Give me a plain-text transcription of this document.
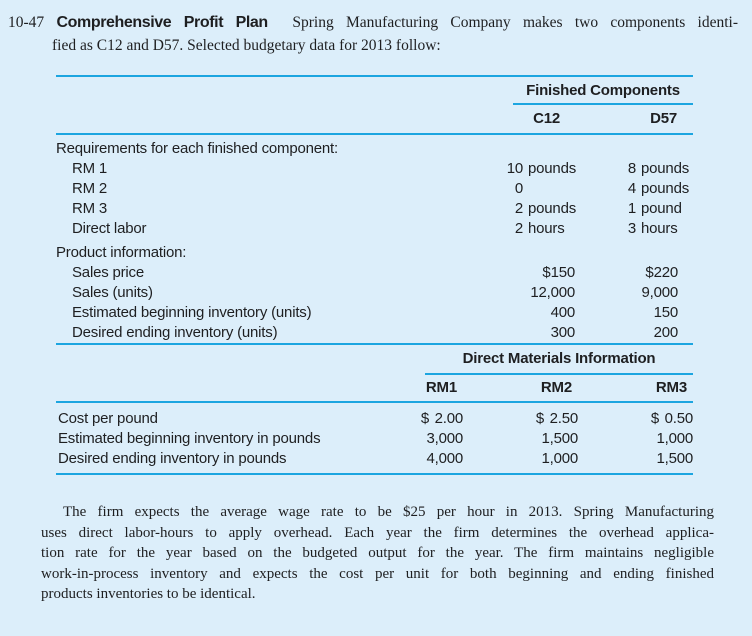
10-47 Comprehensive Profit Plan Spring Manufacturing Company makes two components identi-
fied as C12 and D57. Selected budgetary data for 2013 follow:
Finished Components
C12	D57
Requirements for each finished component:
RM 1	10 pounds	8 pounds
RM 2	0	4 pounds
RM 3	2 pounds	1 pound
Direct labor	2 hours	3 hours
Product information:
Sales price	$150	$220
Sales (units)	12,000	9,000
Estimated beginning inventory (units)	400	150
Desired ending inventory (units)	300	200
Direct Materials Information
RM1	RM2	RM3
Cost per pound	$ 2.00	$ 2.50	$ 0.50
Estimated beginning inventory in pounds	3,000	1,500	1,000
Desired ending inventory in pounds	4,000	1,000	1,500
The firm expects the average wage rate to be $25 per hour in 2013. Spring Manufacturing
uses direct labor-hours to apply overhead. Each year the firm determines the overhead applica-
tion rate for the year based on the budgeted output for the year. The firm maintains negligible
work-in-process inventory and expects the cost per unit for both beginning and ending finished
products inventories to be identical.
